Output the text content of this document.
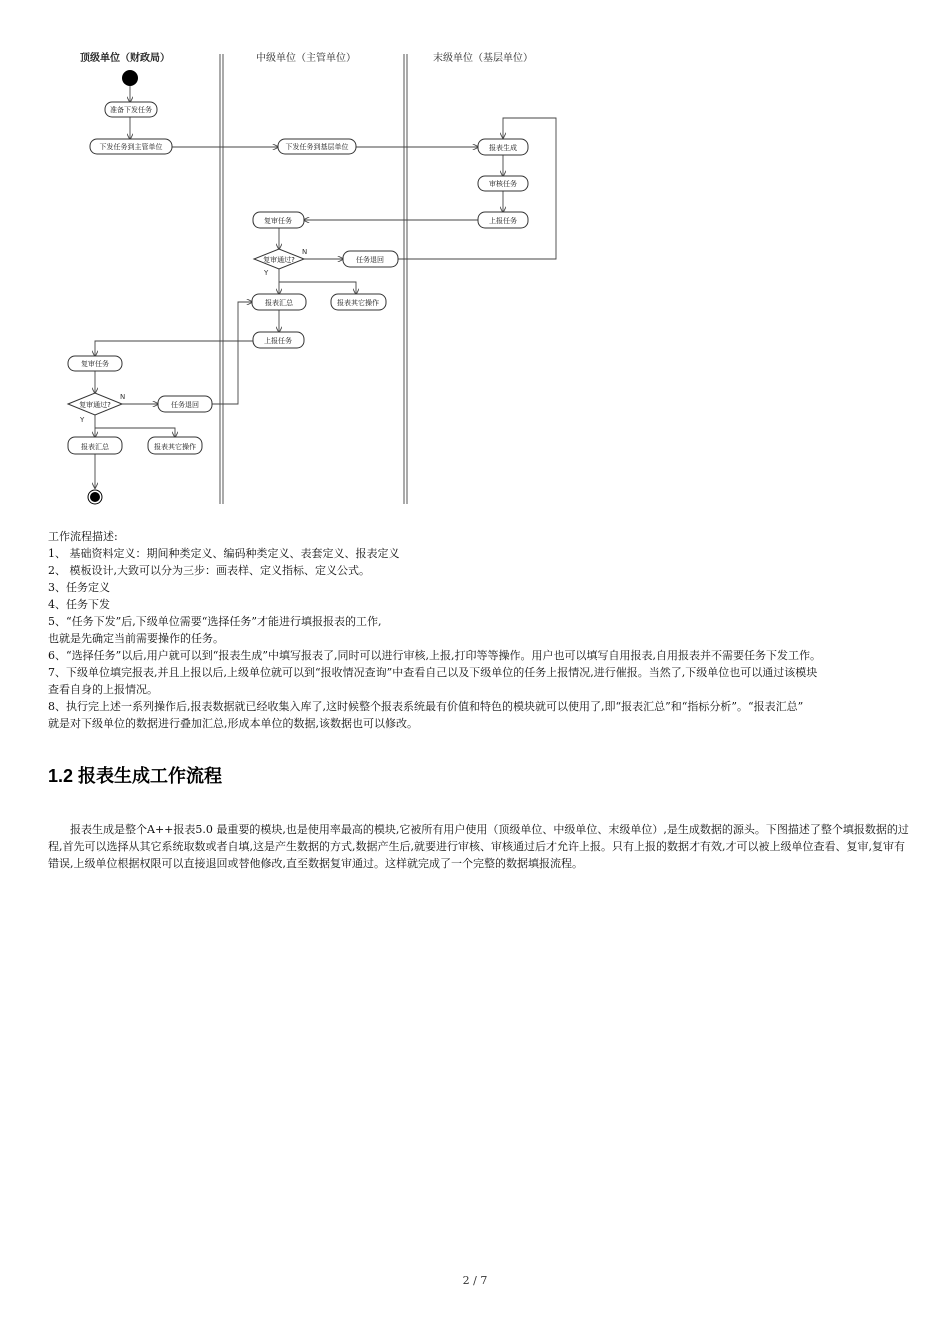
顶级单位（财政局）	中级单位（主管单位）	末级单位（基层单位）
N
Y
N
Y
准备下发任务
下发任务到主管单位	下发任务到基层单位	报表生成
审核任务
上报任务
复审任务
复审通过?	任务退回
报表汇总	报表其它操作
上报任务
复审任务
复审通过?	任务退回
报表汇总	报表其它操作

工作流程描述:

1、 基础资料定义：期间种类定义、编码种类定义、表套定义、报表定义

2、 模板设计,大致可以分为三步：画表样、定义指标、定义公式。

3、任务定义

4、任务下发

5、“任务下发”后,下级单位需要“选择任务”才能进行填报报表的工作,

也就是先确定当前需要操作的任务。

6、“选择任务”以后,用户就可以到“报表生成”中填写报表了,同时可以进行审核,上报,打印等等操作。用户也可以填写自用报表,自用报表并不需要任务下发工作。

7、下级单位填完报表,并且上报以后,上级单位就可以到“报收情况查询”中查看自己以及下级单位的任务上报情况,进行催报。当然了,下级单位也可以通过该模块

查看自身的上报情况。

8、执行完上述一系列操作后,报表数据就已经收集入库了,这时候整个报表系统最有价值和特色的模块就可以使用了,即“报表汇总”和“指标分析”。“报表汇总”

就是对下级单位的数据进行叠加汇总,形成本单位的数据,该数据也可以修改。

1.2 报表生成工作流程

报表生成是整个A++报表5.0 最重要的模块,也是使用率最高的模块,它被所有用户使用（顶级单位、中级单位、末级单位）,是生成数据的源头。下图描述了整个填报数据的过程,首先可以选择从其它系统取数或者自填,这是产生数据的方式,数据产生后,就要进行审核、审核通过后才允许上报。只有上报的数据才有效,才可以被上级单位查看、复审,复审有错误,上级单位根据权限可以直接退回或替他修改,直至数据复审通过。这样就完成了一个完整的数据填报流程。

2 / 7
